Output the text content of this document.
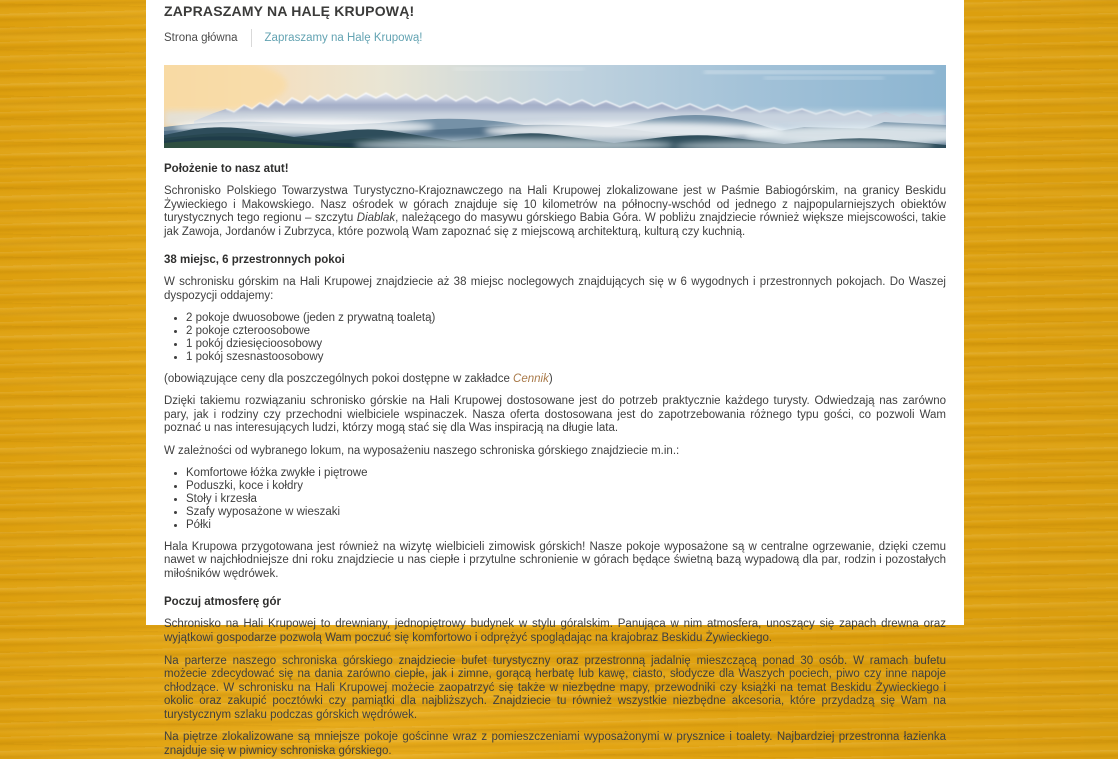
ZAPRASZAMY NA HALĘ KRUPOWĄ!
Strona główna Zapraszamy na Halę Krupową!
Położenie to nasz atut!

Schronisko Polskiego Towarzystwa Turystyczno-Krajoznawczego na Hali Krupowej zlokalizowane jest w Paśmie Babiogórskim, na granicy Beskidu Żywieckiego i Makowskiego. Nasz ośrodek w górach znajduje się 10 kilometrów na północny-wschód od jednego z najpopularniejszych obiektów turystycznych tego regionu – szczytu Diablak, należącego do masywu górskiego Babia Góra. W pobliżu znajdziecie również większe miejscowości, takie jak Zawoja, Jordanów i Zubrzyca, które pozwolą Wam zapoznać się z miejscową architekturą, kulturą czy kuchnią.

38 miejsc, 6 przestronnych pokoi

W schronisku górskim na Hali Krupowej znajdziecie aż 38 miejsc noclegowych znajdujących się w 6 wygodnych i przestronnych pokojach. Do Waszej dyspozycji oddajemy:

• 2 pokoje dwuosobowe (jeden z prywatną toaletą)
• 2 pokoje czteroosobowe
• 1 pokój dziesięcioosobowy
• 1 pokój szesnastoosobowy

(obowiązujące ceny dla poszczególnych pokoi dostępne w zakładce Cennik)

Dzięki takiemu rozwiązaniu schronisko górskie na Hali Krupowej dostosowane jest do potrzeb praktycznie każdego turysty. Odwiedzają nas zarówno pary, jak i rodziny czy przechodni wielbiciele wspinaczek. Nasza oferta dostosowana jest do zapotrzebowania różnego typu gości, co pozwoli Wam poznać u nas interesujących ludzi, którzy mogą stać się dla Was inspiracją na długie lata.

W zależności od wybranego lokum, na wyposażeniu naszego schroniska górskiego znajdziecie m.in.:

• Komfortowe łóżka zwykłe i piętrowe
• Poduszki, koce i kołdry
• Stoły i krzesła
• Szafy wyposażone w wieszaki
• Półki

Hala Krupowa przygotowana jest również na wizytę wielbicieli zimowisk górskich! Nasze pokoje wyposażone są w centralne ogrzewanie, dzięki czemu nawet w najchłodniejsze dni roku znajdziecie u nas ciepłe i przytulne schronienie w górach będące świetną bazą wypadową dla par, rodzin i pozostałych miłośników wędrówek.

Poczuj atmosferę gór

Schronisko na Hali Krupowej to drewniany, jednopiętrowy budynek w stylu góralskim. Panująca w nim atmosfera, unoszący się zapach drewna oraz wyjątkowi gospodarze pozwolą Wam poczuć się komfortowo i odprężyć spoglądając na krajobraz Beskidu Żywieckiego.

Na parterze naszego schroniska górskiego znajdziecie bufet turystyczny oraz przestronną jadalnię mieszczącą ponad 30 osób. W ramach bufetu możecie zdecydować się na dania zarówno ciepłe, jak i zimne, gorącą herbatę lub kawę, ciasto, słodycze dla Waszych pociech, piwo czy inne napoje chłodzące. W schronisku na Hali Krupowej możecie zaopatrzyć się także w niezbędne mapy, przewodniki czy książki na temat Beskidu Żywieckiego i okolic oraz zakupić pocztówki czy pamiątki dla najbliższych. Znajdziecie tu również wszystkie niezbędne akcesoria, które przydadzą się Wam na turystycznym szlaku podczas górskich wędrówek.

Na piętrze zlokalizowane są mniejsze pokoje gościnne wraz z pomieszczeniami wyposażonymi w prysznice i toalety. Najbardziej przestronna łazienka znajduje się w piwnicy schroniska górskiego.
